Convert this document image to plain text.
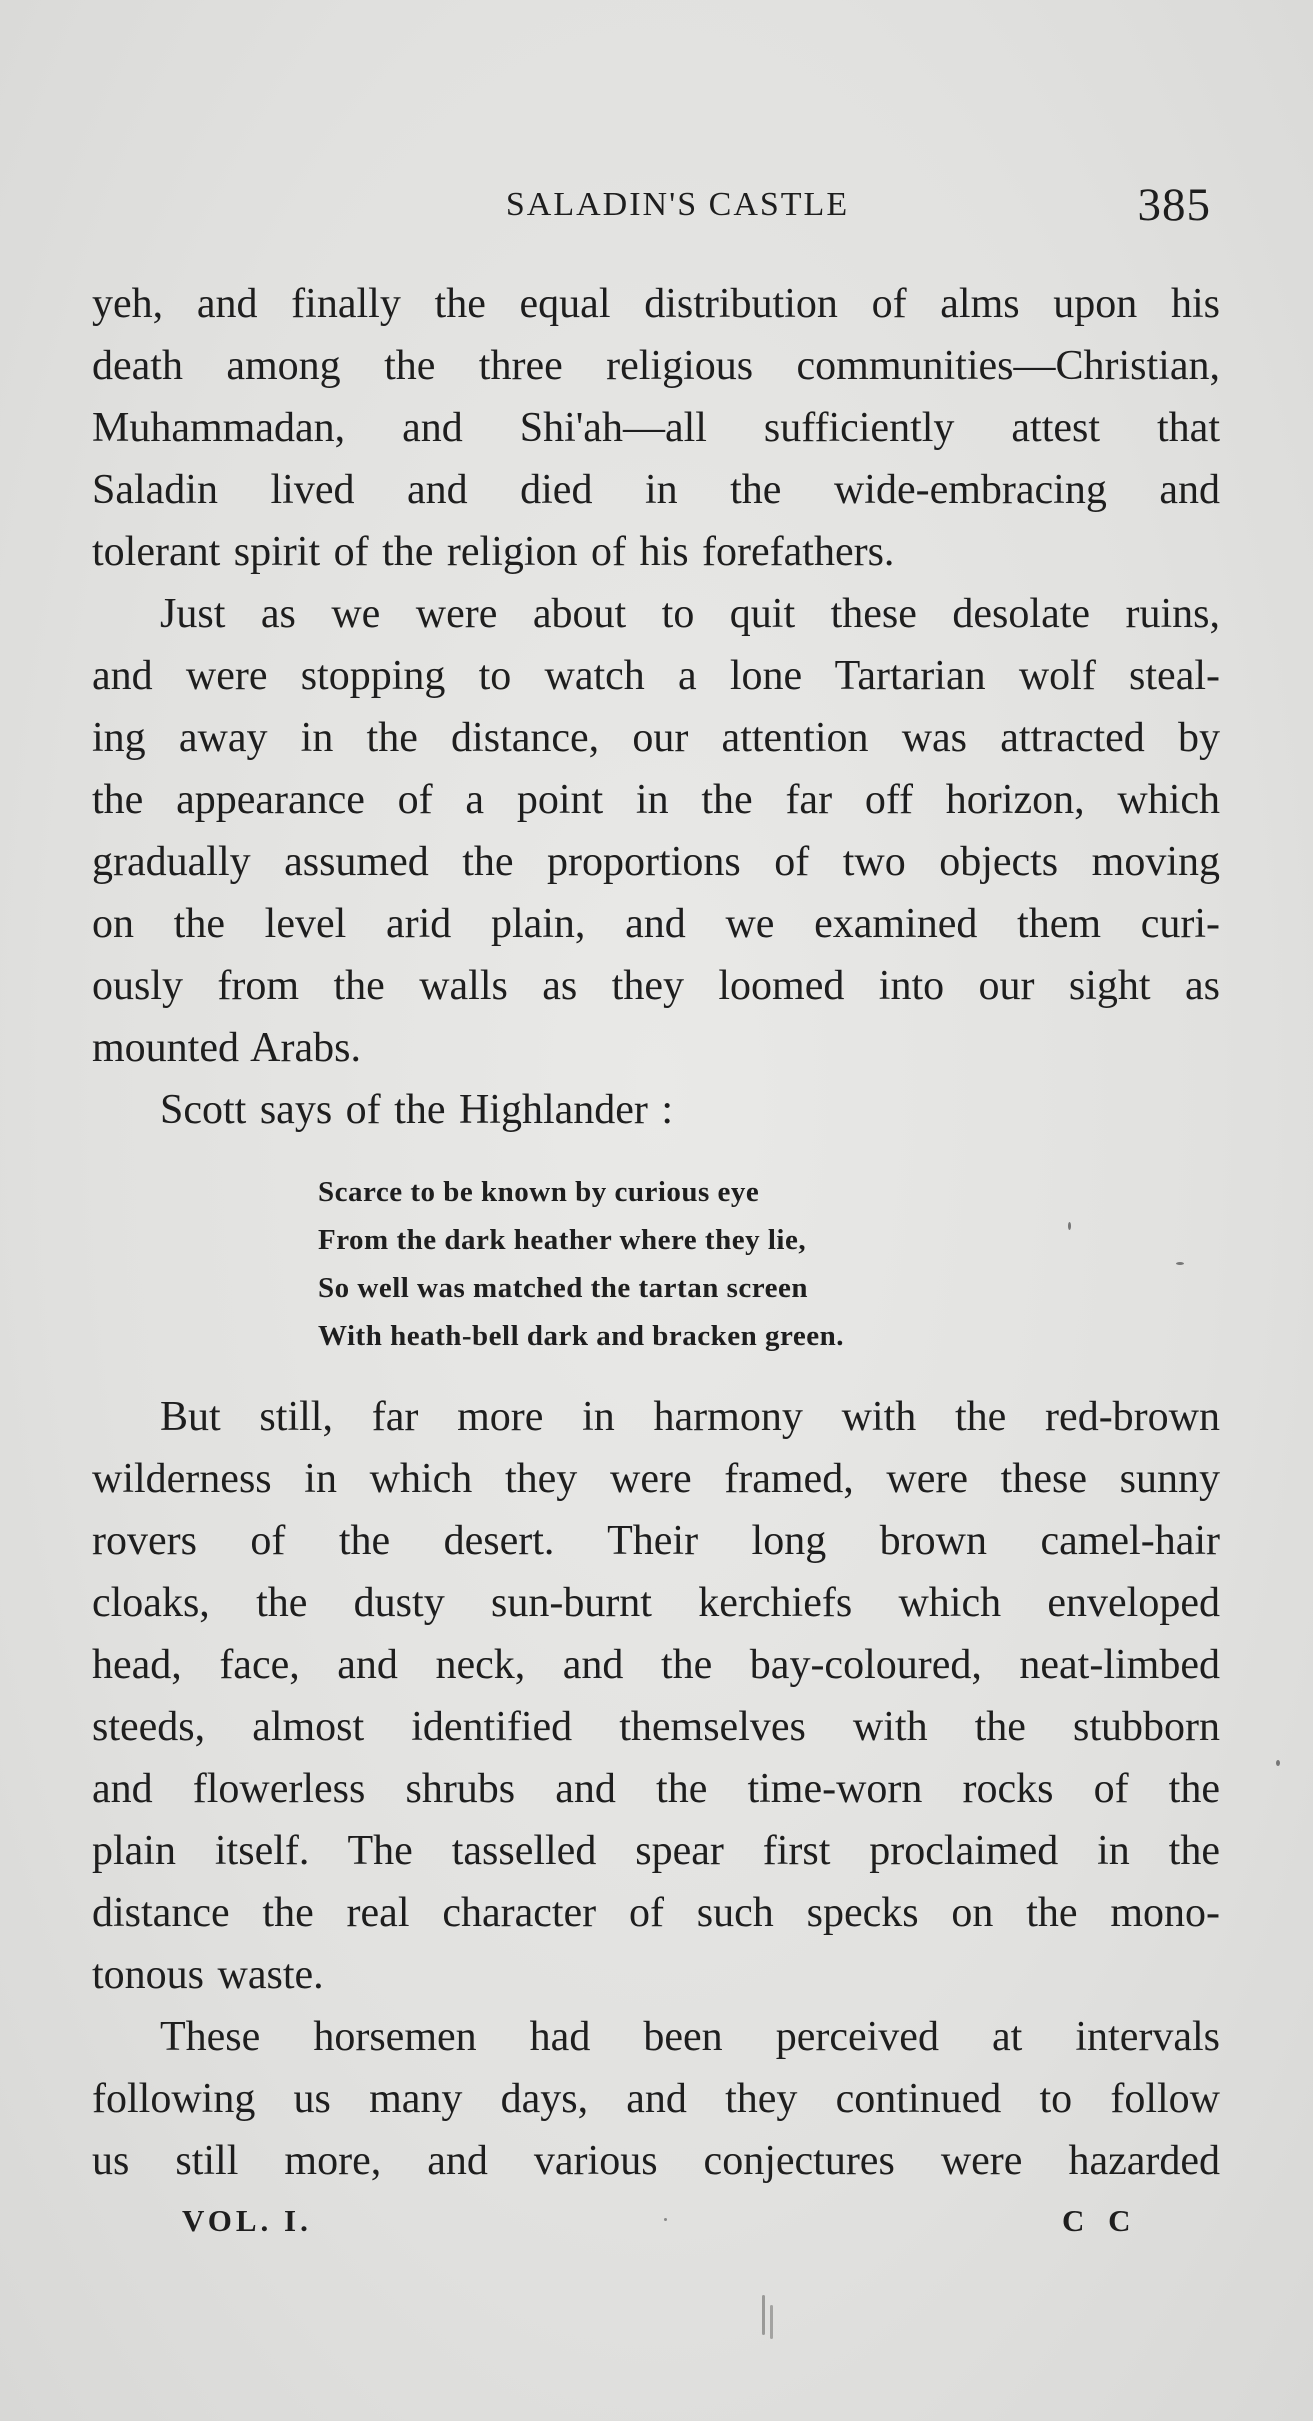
SALADIN'S CASTLE	385
yeh, and finally the equal distribution of alms upon his
death among the three religious communities—Christian,
Muhammadan, and Shi'ah—all sufficiently attest that
Saladin lived and died in the wide-embracing and
tolerant spirit of the religion of his forefathers.
Just as we were about to quit these desolate ruins,
and were stopping to watch a lone Tartarian wolf steal-
ing away in the distance, our attention was attracted by
the appearance of a point in the far off horizon, which
gradually assumed the proportions of two objects moving
on the level arid plain, and we examined them curi-
ously from the walls as they loomed into our sight as
mounted Arabs.
Scott says of the Highlander :
Scarce to be known by curious eye
From the dark heather where they lie,
So well was matched the tartan screen
With heath-bell dark and bracken green.
But still, far more in harmony with the red-brown
wilderness in which they were framed, were these sunny
rovers of the desert. Their long brown camel-hair
cloaks, the dusty sun-burnt kerchiefs which enveloped
head, face, and neck, and the bay-coloured, neat-limbed
steeds, almost identified themselves with the stubborn
and flowerless shrubs and the time-worn rocks of the
plain itself. The tasselled spear first proclaimed in the
distance the real character of such specks on the mono-
tonous waste.
These horsemen had been perceived at intervals
following us many days, and they continued to follow
us still more, and various conjectures were hazarded
VOL. I.	C C
